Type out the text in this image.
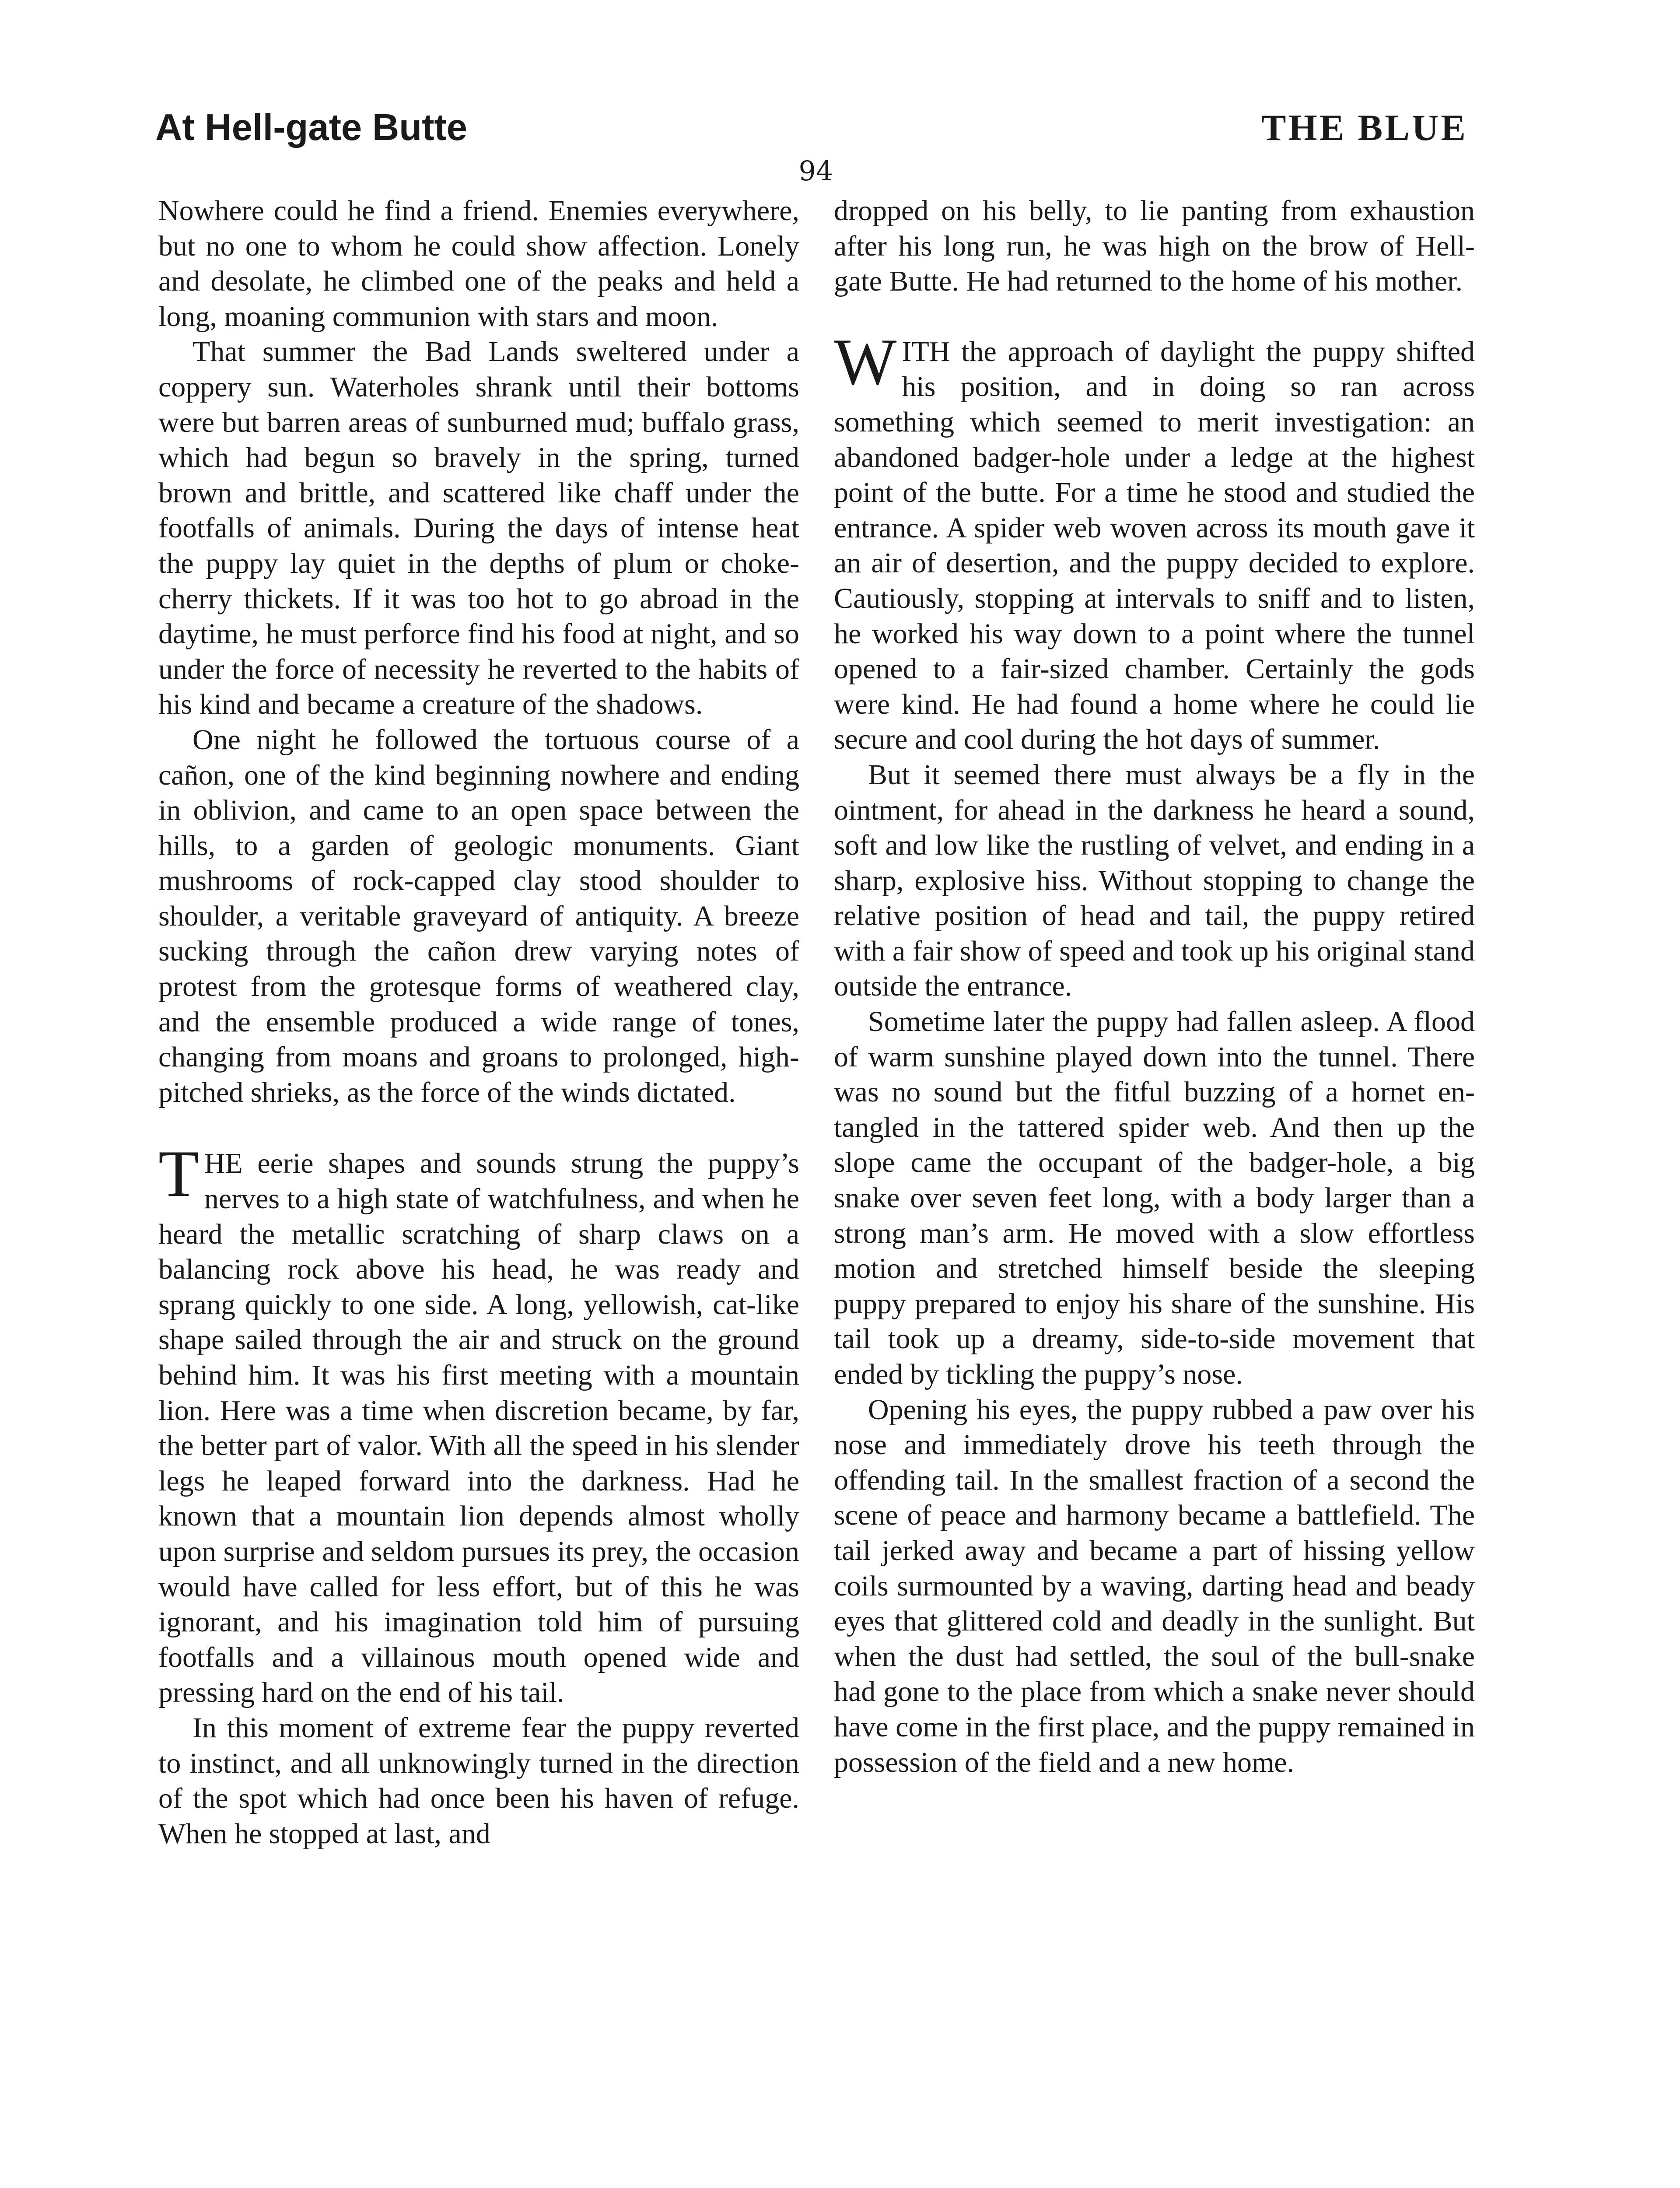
At Hell-gate Butte	THE BLUE
94

Nowhere could he find a friend. Enemies everywhere, but no one to whom he could show affection. Lonely and desolate, he climbed one of the peaks and held a long, moaning communion with stars and moon.

That summer the Bad Lands sweltered under a coppery sun. Waterholes shrank until their bottoms were but barren areas of sunburned mud; buffalo grass, which had begun so bravely in the spring, turned brown and brittle, and scattered like chaff under the footfalls of animals. During the days of intense heat the puppy lay quiet in the depths of plum or choke-cherry thickets. If it was too hot to go abroad in the daytime, he must perforce find his food at night, and so under the force of necessity he reverted to the habits of his kind and became a creature of the shadows.

One night he followed the tortuous course of a cañon, one of the kind beginning nowhere and ending in oblivion, and came to an open space between the hills, to a garden of geologic monuments. Giant mushrooms of rock-capped clay stood shoulder to shoulder, a veritable graveyard of antiquity. A breeze sucking through the cañon drew varying notes of protest from the grotesque forms of weathered clay, and the ensemble produced a wide range of tones, changing from moans and groans to prolonged, high-pitched shrieks, as the force of the winds dictated.

THE eerie shapes and sounds strung the puppy’s nerves to a high state of watchfulness, and when he heard the metallic scratching of sharp claws on a balancing rock above his head, he was ready and sprang quickly to one side. A long, yellowish, cat-like shape sailed through the air and struck on the ground behind him. It was his first meeting with a mountain lion. Here was a time when discretion became, by far, the better part of valor. With all the speed in his slender legs he leaped forward into the darkness. Had he known that a mountain lion depends almost wholly upon surprise and seldom pursues its prey, the occasion would have called for less effort, but of this he was ignorant, and his imagination told him of pursuing footfalls and a villainous mouth opened wide and pressing hard on the end of his tail.

In this moment of extreme fear the puppy reverted to instinct, and all unknowingly turned in the direction of the spot which had once been his haven of refuge. When he stopped at last, and

dropped on his belly, to lie panting from exhaustion after his long run, he was high on the brow of Hell-gate Butte. He had returned to the home of his mother.

WITH the approach of daylight the puppy shifted his position, and in doing so ran across something which seemed to merit investigation: an abandoned badger-hole under a ledge at the highest point of the butte. For a time he stood and studied the entrance. A spider web woven across its mouth gave it an air of desertion, and the puppy decided to explore. Cautiously, stopping at intervals to sniff and to listen, he worked his way down to a point where the tunnel opened to a fair-sized chamber. Certainly the gods were kind. He had found a home where he could lie secure and cool during the hot days of summer.

But it seemed there must always be a fly in the ointment, for ahead in the darkness he heard a sound, soft and low like the rustling of velvet, and ending in a sharp, explosive hiss. Without stopping to change the relative position of head and tail, the puppy retired with a fair show of speed and took up his original stand outside the entrance.

Sometime later the puppy had fallen asleep. A flood of warm sunshine played down into the tunnel. There was no sound but the fitful buzzing of a hornet entangled in the tattered spider web. And then up the slope came the occupant of the badger-hole, a big snake over seven feet long, with a body larger than a strong man’s arm. He moved with a slow effortless motion and stretched himself beside the sleeping puppy prepared to enjoy his share of the sunshine. His tail took up a dreamy, side-to-side movement that ended by tickling the puppy’s nose.

Opening his eyes, the puppy rubbed a paw over his nose and immediately drove his teeth through the offending tail. In the smallest fraction of a second the scene of peace and harmony became a battlefield. The tail jerked away and became a part of hissing yellow coils surmounted by a waving, darting head and beady eyes that glittered cold and deadly in the sunlight. But when the dust had settled, the soul of the bull-snake had gone to the place from which a snake never should have come in the first place, and the puppy remained in possession of the field and a new home.
